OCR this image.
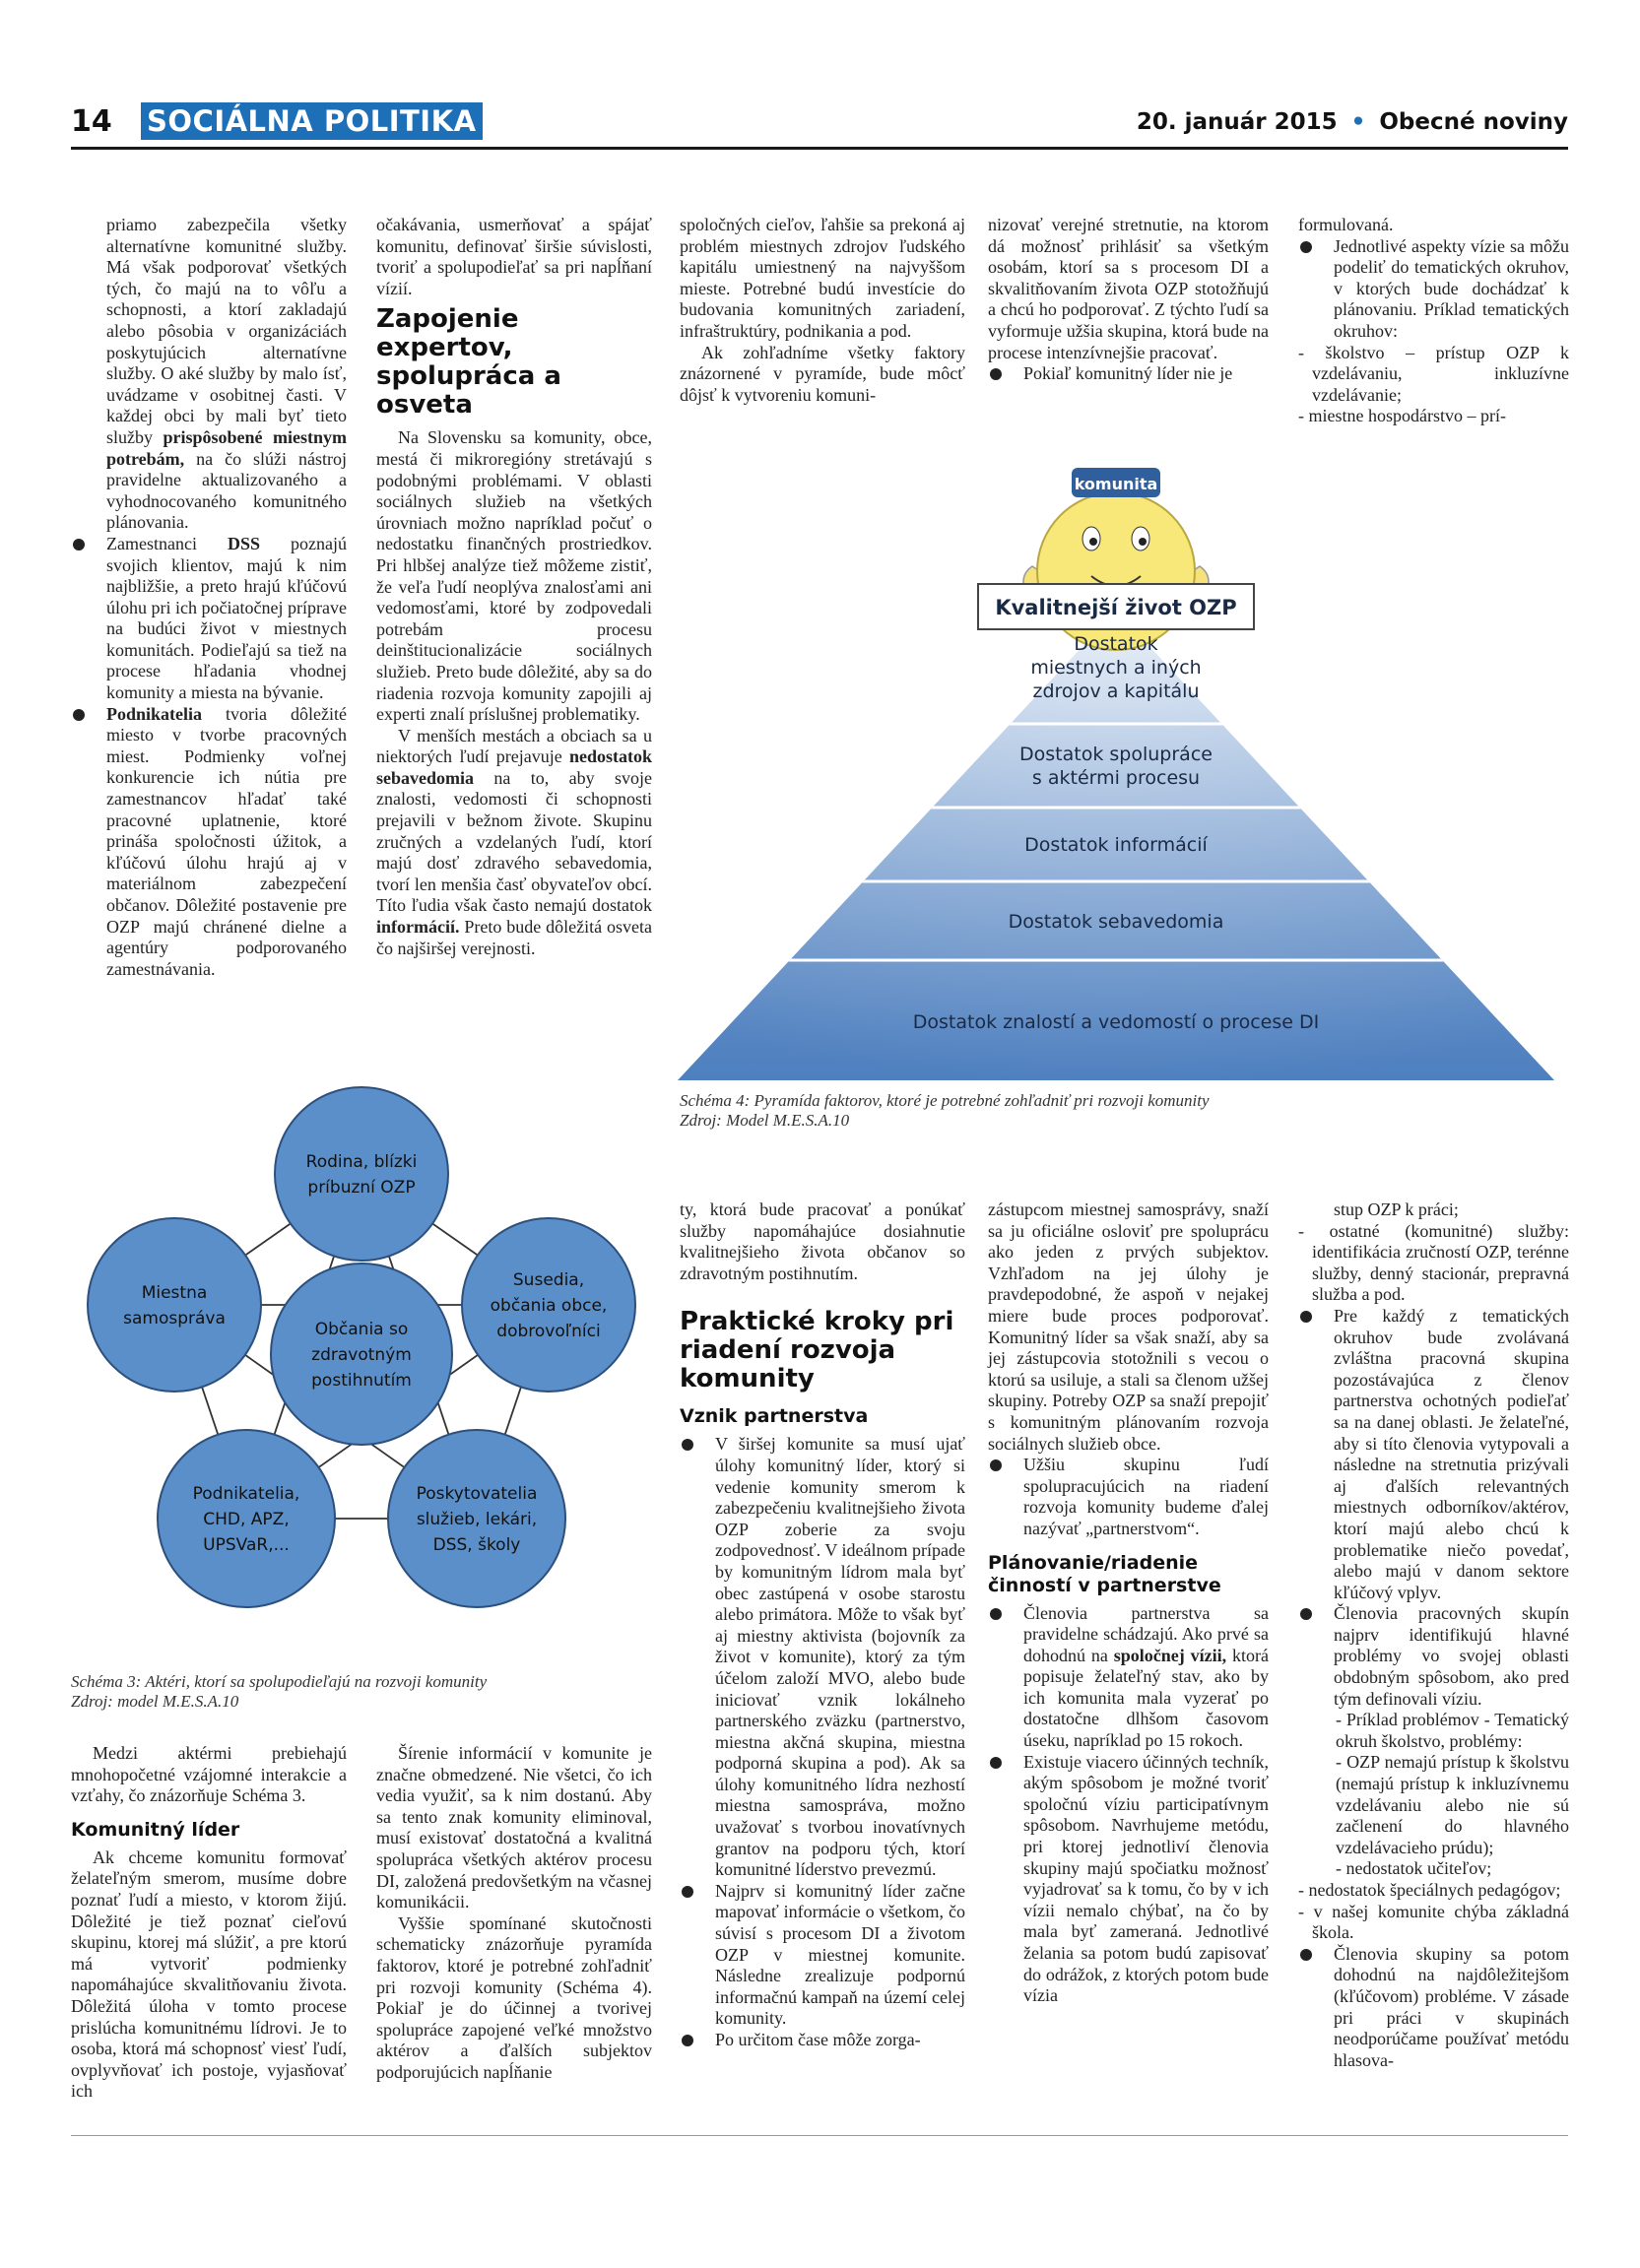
14 SOCIÁLNA POLITIKA	20. január 2015 • Obecné noviny

priamo zabezpečila všetky alternatívne komunitné služby. Má však podporovať všetkých tých, čo majú na to vôľu a schopnosti, a ktorí zakladajú alebo pôsobia v organizáciách poskytujúcich alternatívne služby. O aké služby by malo ísť, uvádzame v osobitnej časti. V každej obci by mali byť tieto služby prispôsobené miestnym potrebám, na čo slúži nástroj pravidelne aktualizovaného a vyhodnocovaného komunitného plánovania.

Zamestnanci DSS poznajú svojich klientov, majú k nim najbližšie, a preto hrajú kľúčovú úlohu pri ich počiatočnej príprave na budúci život v miestnych komunitách. Podieľajú sa tiež na procese hľadania vhodnej komunity a miesta na bývanie.

Podnikatelia tvoria dôležité miesto v tvorbe pracovných miest. Podmienky voľnej konkurencie ich nútia pre zamestnancov hľadať také pracovné uplatnenie, ktoré prináša spoločnosti úžitok, a kľúčovú úlohu hrajú aj v materiálnom zabezpečení občanov. Dôležité postavenie pre OZP majú chránené dielne a agentúry podporovaného zamestnávania.

očakávania, usmerňovať a spájať komunitu, definovať širšie súvislosti, tvoriť a spolupodieľať sa pri napĺňaní vízií.

Zapojenie expertov, spolupráca a osveta

Na Slovensku sa komunity, obce, mestá či mikroregióny stretávajú s podobnými problémami. V oblasti sociálnych služieb na všetkých úrovniach možno napríklad počuť o nedostatku finančných prostriedkov. Pri hlbšej analýze tiež môžeme zistiť, že veľa ľudí neoplýva znalosťami ani vedomosťami, ktoré by zodpovedali potrebám procesu deinštitucionalizácie sociálnych služieb. Preto bude dôležité, aby sa do riadenia rozvoja komunity zapojili aj experti znalí príslušnej problematiky.

V menších mestách a obciach sa u niektorých ľudí prejavuje nedostatok sebavedomia na to, aby svoje znalosti, vedomosti či schopnosti prejavili v bežnom živote. Skupinu zručných a vzdelaných ľudí, ktorí majú dosť zdravého sebavedomia, tvorí len menšia časť obyvateľov obcí. Títo ľudia však často nemajú dostatok informácií. Preto bude dôležitá osveta čo najširšej verejnosti.

spoločných cieľov, ľahšie sa prekoná aj problém miestnych zdrojov ľudského kapitálu umiestnený na najvyššom mieste. Potrebné budú investície do budovania komunitných zariadení, infraštruktúry, podnikania a pod.

Ak zohľadníme všetky faktory znázornené v pyramíde, bude môcť dôjsť k vytvoreniu komuni-

nizovať verejné stretnutie, na ktorom dá možnosť prihlásiť sa všetkým osobám, ktorí sa s procesom DI a skvalitňovaním života OZP stotožňujú a chcú ho podporovať. Z týchto ľudí sa vyformuje užšia skupina, ktorá bude na procese intenzívnejšie pracovať.

Pokiaľ komunitný líder nie je

formulovaná.

Jednotlivé aspekty vízie sa môžu podeliť do tematických okruhov, v ktorých bude dochádzať k plánovaniu. Príklad tematických okruhov:

- školstvo – prístup OZP k vzdelávaniu, inkluzívne vzdelávanie;

- miestne hospodárstvo – prí-

komunita
Kvalitnejší život OZP
Dostatok
miestnych a iných
zdrojov a kapitálu
Dostatok spolupráce
s aktérmi procesu
Dostatok informácií
Dostatok sebavedomia
Dostatok znalostí a vedomostí o procese DI
Schéma 4: Pyramída faktorov, ktoré je potrebné zohľadniť pri rozvoji komunity
Zdroj: Model M.E.S.A.10
Rodina, blízki
príbuzní OZP
Susedia,
občania obce,
dobrovoľníci
Poskytovatelia
služieb, lekári,
DSS, školy
Podnikatelia,
CHD, APZ,
UPSVaR,...
Miestna
samospráva
Občania so
zdravotným
postihnutím
Schéma 3: Aktéri, ktorí sa spolupodieľajú na rozvoji komunity
Zdroj: model M.E.S.A.10

Medzi aktérmi prebiehajú mnohopočetné vzájomné interakcie a vzťahy, čo znázorňuje Schéma 3.

Komunitný líder

Ak chceme komunitu formovať želateľným smerom, musíme dobre poznať ľudí a miesto, v ktorom žijú. Dôležité je tiež poznať cieľovú skupinu, ktorej má slúžiť, a pre ktorú má vytvoriť podmienky napomáhajúce skvalitňovaniu života. Dôležitá úloha v tomto procese prislúcha komunitnému lídrovi. Je to osoba, ktorá má schopnosť viesť ľudí, ovplyvňovať ich postoje, vyjasňovať ich

Šírenie informácií v komunite je značne obmedzené. Nie všetci, čo ich vedia využiť, sa k nim dostanú. Aby sa tento znak komunity eliminoval, musí existovať dostatočná a kvalitná spolupráca všetkých aktérov procesu DI, založená predovšetkým na včasnej komunikácii.

Vyššie spomínané skutočnosti schematicky znázorňuje pyramída faktorov, ktoré je potrebné zohľadniť pri rozvoji komunity (Schéma 4). Pokiaľ je do účinnej a tvorivej spolupráce zapojené veľké množstvo aktérov a ďalších subjektov podporujúcich napĺňanie

ty, ktorá bude pracovať a ponúkať služby napomáhajúce dosiahnutie kvalitnejšieho života občanov so zdravotným postihnutím.

Praktické kroky pri riadení rozvoja komunity
Vznik partnerstva

V širšej komunite sa musí ujať úlohy komunitný líder, ktorý si vedenie komunity smerom k zabezpečeniu kvalitnejšieho života OZP zoberie za svoju zodpovednosť. V ideálnom prípade by komunitným lídrom mala byť obec zastúpená v osobe starostu alebo primátora. Môže to však byť aj miestny aktivista (bojovník za život v komunite), ktorý za tým účelom založí MVO, alebo bude iniciovať vznik lokálneho partnerského zväzku (partnerstvo, miestna akčná skupina, miestna podporná skupina a pod). Ak sa úlohy komunitného lídra nezhostí miestna samospráva, možno uvažovať s tvorbou inovatívnych grantov na podporu tých, ktorí komunitné líderstvo prevezmú.

Najprv si komunitný líder začne mapovať informácie o všetkom, čo súvisí s procesom DI a životom OZP v miestnej komunite. Následne zrealizuje podpornú informačnú kampaň na území celej komunity.

Po určitom čase môže zorga-

zástupcom miestnej samosprávy, snaží sa ju oficiálne osloviť pre spoluprácu ako jeden z prvých subjektov. Vzhľadom na jej úlohy je pravdepodobné, že aspoň v nejakej miere bude proces podporovať. Komunitný líder sa však snaží, aby sa jej zástupcovia stotožnili s vecou o ktorú sa usiluje, a stali sa členom užšej skupiny. Potreby OZP sa snaží prepojiť s komunitným plánovaním rozvoja sociálnych služieb obce.

Užšiu skupinu ľudí spolupracujúcich na riadení rozvoja komunity budeme ďalej nazývať „partnerstvom“.

Plánovanie/riadenie činností v partnerstve

Členovia partnerstva sa pravidelne schádzajú. Ako prvé sa dohodnú na spoločnej vízii, ktorá popisuje želateľný stav, ako by ich komunita mala vyzerať po dostatočne dlhšom časovom úseku, napríklad po 15 rokoch.

Existuje viacero účinných techník, akým spôsobom je možné tvoriť spoločnú víziu participatívnym spôsobom. Navrhujeme metódu, pri ktorej jednotliví členovia skupiny majú spočiatku možnosť vyjadrovať sa k tomu, čo by v ich vízii nemalo chýbať, na čo by mala byť zameraná. Jednotlivé želania sa potom budú zapisovať do odrážok, z ktorých potom bude vízia

stup OZP k práci;

- ostatné (komunitné) služby: identifikácia zručností OZP, terénne služby, denný stacionár, prepravná služba a pod.

Pre každý z tematických okruhov bude zvolávaná zvláštna pracovná skupina pozostávajúca z členov partnerstva ochotných podieľať sa na danej oblasti. Je želateľné, aby si títo členovia vytypovali a následne na stretnutia prizývali aj ďalších relevantných miestnych odborníkov/aktérov, ktorí majú alebo chcú k problematike niečo povedať, alebo majú v danom sektore kľúčový vplyv.

Členovia pracovných skupín najprv identifikujú hlavné problémy vo svojej oblasti obdobným spôsobom, ako pred tým definovali víziu.

- Príklad problémov - Tematický okruh školstvo, problémy:

- OZP nemajú prístup k školstvu (nemajú prístup k inkluzívnemu vzdelávaniu alebo nie sú začlenení do hlavného vzdelávacieho prúdu);

- nedostatok učiteľov;

- nedostatok špeciálnych pedagógov;

- v našej komunite chýba základná škola.

Členovia skupiny sa potom dohodnú na najdôležitejšom (kľúčovom) probléme. V zásade pri práci v skupinách neodporúčame používať metódu hlasova-
